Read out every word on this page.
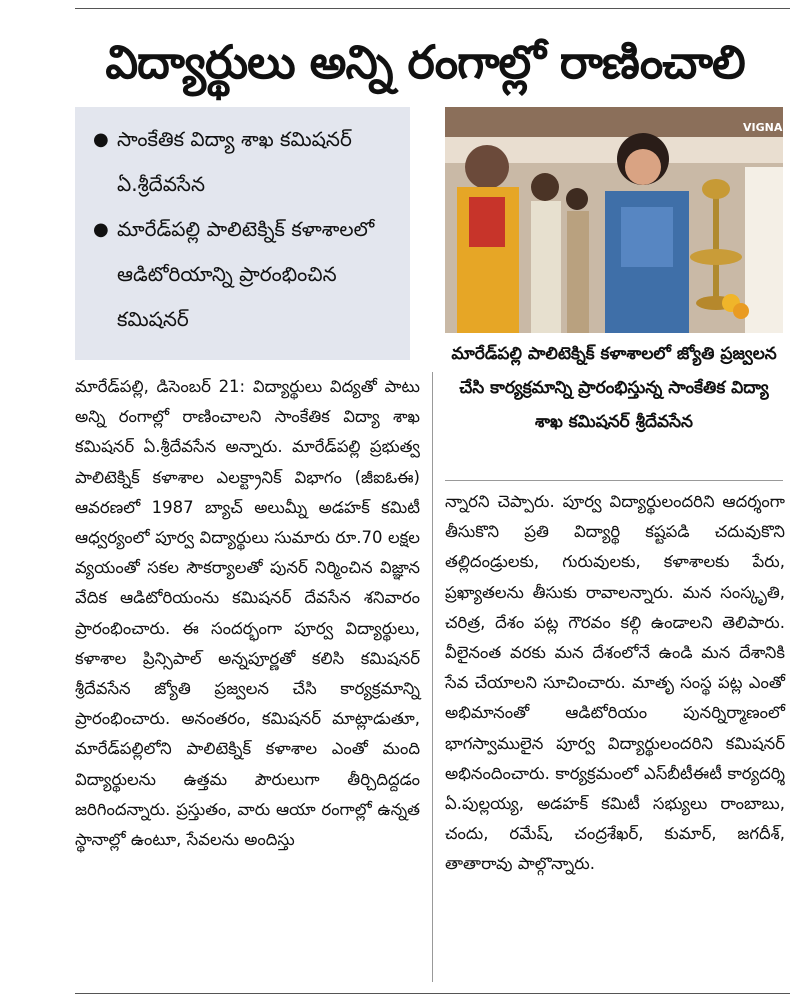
విద్యార్థులు అన్ని రంగాల్లో రాణించాలి
● సాంకేతిక విద్యా శాఖ కమిషనర్ ఏ.శ్రీదేవసేన
● మారేడ్‌పల్లి పాలిటెక్నిక్ కళాశాలలో ఆడిటోరియాన్ని ప్రారంభించిన కమిషనర్
VIGNA
మారేడ్‌పల్లి పాలిటెక్నిక్ కళాశాలలో జ్యోతి ప్రజ్వలన చేసి కార్యక్రమాన్ని ప్రారంభిస్తున్న సాంకేతిక విద్యా శాఖ కమిషనర్ శ్రీదేవసేన
మారేడ్‌పల్లి, డిసెంబర్ 21: విద్యార్థులు విద్యతో పాటు అన్ని రంగాల్లో రాణించాలని సాంకేతిక విద్యా శాఖ కమిషనర్ ఏ.శ్రీదేవసేన అన్నారు. మారేడ్‌పల్లి ప్రభుత్వ పాలిటెక్నిక్ కళాశాల ఎలక్ట్రానిక్ విభాగం (జీఐఓఈ) ఆవరణలో 1987 బ్యాచ్ అలుమ్నీ అడహక్ కమిటీ ఆధ్వర్యంలో పూర్వ విద్యార్థులు సుమారు రూ.70 లక్షల వ్యయంతో సకల సౌకర్యాలతో పునర్ నిర్మించిన విజ్ఞాన వేదిక ఆడిటోరియంను కమిషనర్ దేవసేన శనివారం ప్రారంభించారు. ఈ సందర్భంగా పూర్వ విద్యార్థులు, కళాశాల ప్రిన్సిపాల్ అన్నపూర్ణతో కలిసి కమిషనర్ శ్రీదేవసేన జ్యోతి ప్రజ్వలన చేసి కార్యక్రమాన్ని ప్రారంభించారు. అనంతరం, కమిషనర్ మాట్లాడుతూ, మారేడ్‌పల్లిలోని పాలిటెక్నిక్ కళాశాల ఎంతో మంది విద్యార్థులను ఉత్తమ పౌరులుగా తీర్చిదిద్దడం జరిగిందన్నారు. ప్రస్తుతం, వారు ఆయా రంగాల్లో ఉన్నత స్థానాల్లో ఉంటూ, సేవలను అందిస్తు
న్నారని చెప్పారు. పూర్వ విద్యార్థులందరిని ఆదర్శంగా తీసుకొని ప్రతి విద్యార్థి కష్టపడి చదువుకొని తల్లిదండ్రులకు, గురువులకు, కళాశాలకు పేరు, ప్రఖ్యాతలను తీసుకు రావాలన్నారు. మన సంస్కృతి, చరిత్ర, దేశం పట్ల గౌరవం కల్గి ఉండాలని తెలిపారు. వీలైనంత వరకు మన దేశంలోనే ఉండి మన దేశానికి సేవ చేయాలని సూచించారు. మాతృ సంస్థ పట్ల ఎంతో అభిమానంతో ఆడిటోరియం పునర్నిర్మాణంలో భాగస్వాములైన పూర్వ విద్యార్థులందరిని కమిషనర్ అభినందించారు. కార్యక్రమంలో ఎస్‌బీటీఈటీ కార్యదర్శి ఏ.పుల్లయ్య, అడహక్ కమిటీ సభ్యులు రాంబాబు, చందు, రమేష్, చంద్రశేఖర్, కుమార్, జగదీశ్, తాతారావు పాల్గొన్నారు.
